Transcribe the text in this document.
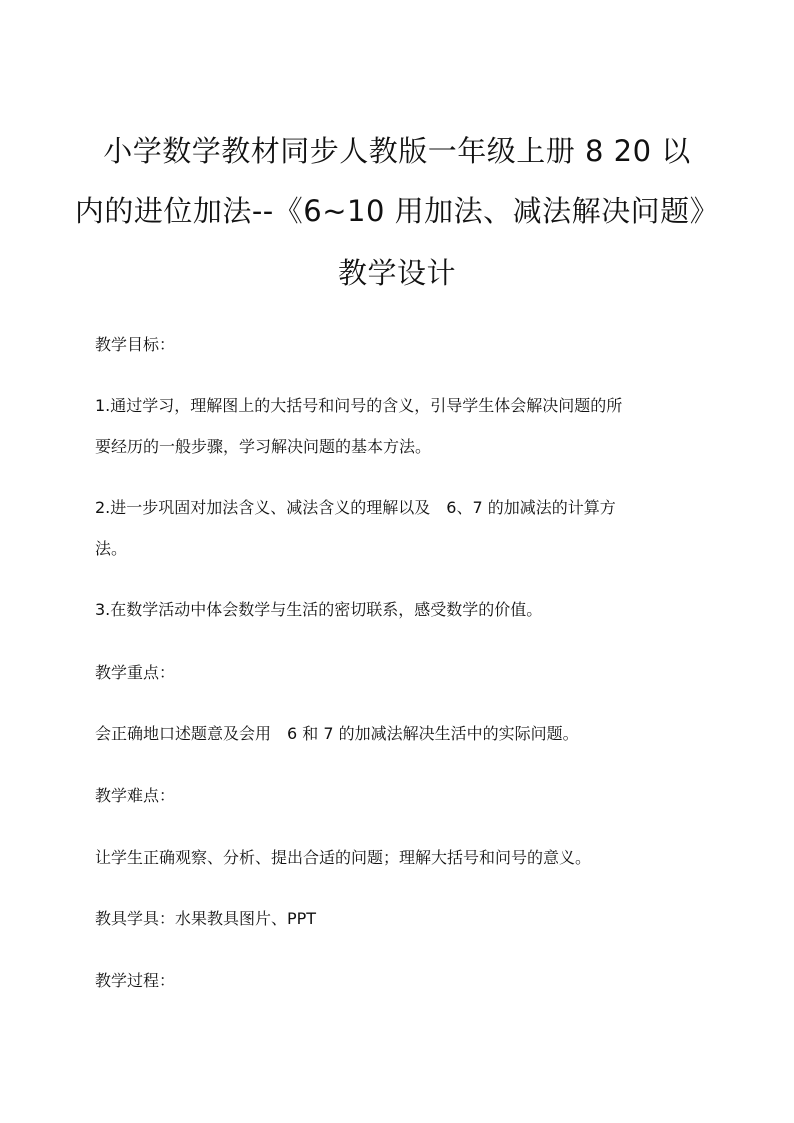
小学数学教材同步人教版一年级上册 8 20 以
内的进位加法--《6~10 用加法、减法解决问题》
教学设计
教学目标：
1.通过学习，理解图上的大括号和问号的含义，引导学生体会解决问题的所
要经历的一般步骤，学习解决问题的基本方法。
2.进一步巩固对加法含义、减法含义的理解以及　6、7 的加减法的计算方
法。
3.在数学活动中体会数学与生活的密切联系，感受数学的价值。
教学重点：
会正确地口述题意及会用　6 和 7 的加减法解决生活中的实际问题。
教学难点：
让学生正确观察、分析、提出合适的问题；理解大括号和问号的意义。
教具学具：水果教具图片、PPT
教学过程：
